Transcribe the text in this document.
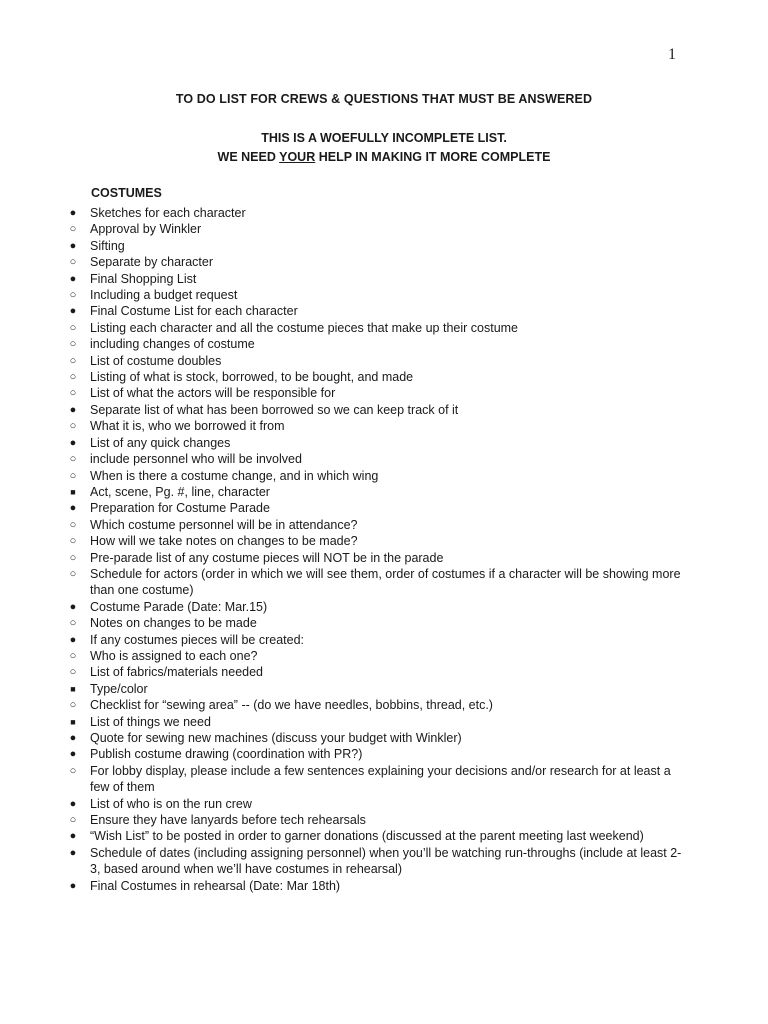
1
TO DO LIST FOR CREWS & QUESTIONS THAT MUST BE ANSWERED
THIS IS A WOEFULLY INCOMPLETE LIST.
WE NEED YOUR HELP IN MAKING IT MORE COMPLETE
COSTUMES
● Sketches for each character
○ Approval by Winkler
● Sifting
○ Separate by character
● Final Shopping List
○ Including a budget request
● Final Costume List for each character
○ Listing each character and all the costume pieces that make up their costume
○ including changes of costume
○ List of costume doubles
○ Listing of what is stock, borrowed, to be bought, and made
○ List of what the actors will be responsible for
● Separate list of what has been borrowed so we can keep track of it
○ What it is, who we borrowed it from
● List of any quick changes
○ include personnel who will be involved
○ When is there a costume change, and in which wing
■	Act, scene, Pg. #, line, character
● Preparation for Costume Parade
○ Which costume personnel will be in attendance?
○ How will we take notes on changes to be made?
○ Pre-parade list of any costume pieces will NOT be in the parade
○ Schedule for actors (order in which we will see them, order of costumes if a character will be showing more than one costume)
● Costume Parade (Date: Mar.15)
○ Notes on changes to be made
● If any costumes pieces will be created:
○ Who is assigned to each one?
○ List of fabrics/materials needed
■	Type/color
○ Checklist for “sewing area” -- (do we have needles, bobbins, thread, etc.)
■	List of things we need
● Quote for sewing new machines (discuss your budget with Winkler)
● Publish costume drawing (coordination with PR?)
○ For lobby display, please include a few sentences explaining your decisions and/or research for at least a few of them
● List of who is on the run crew
○ Ensure they have lanyards before tech rehearsals
● “Wish List” to be posted in order to garner donations (discussed at the parent meeting last weekend)
● Schedule of dates (including assigning personnel) when you’ll be watching run-throughs (include at least 2-3, based around when we’ll have costumes in rehearsal)
● Final Costumes in rehearsal (Date: Mar 18th)
